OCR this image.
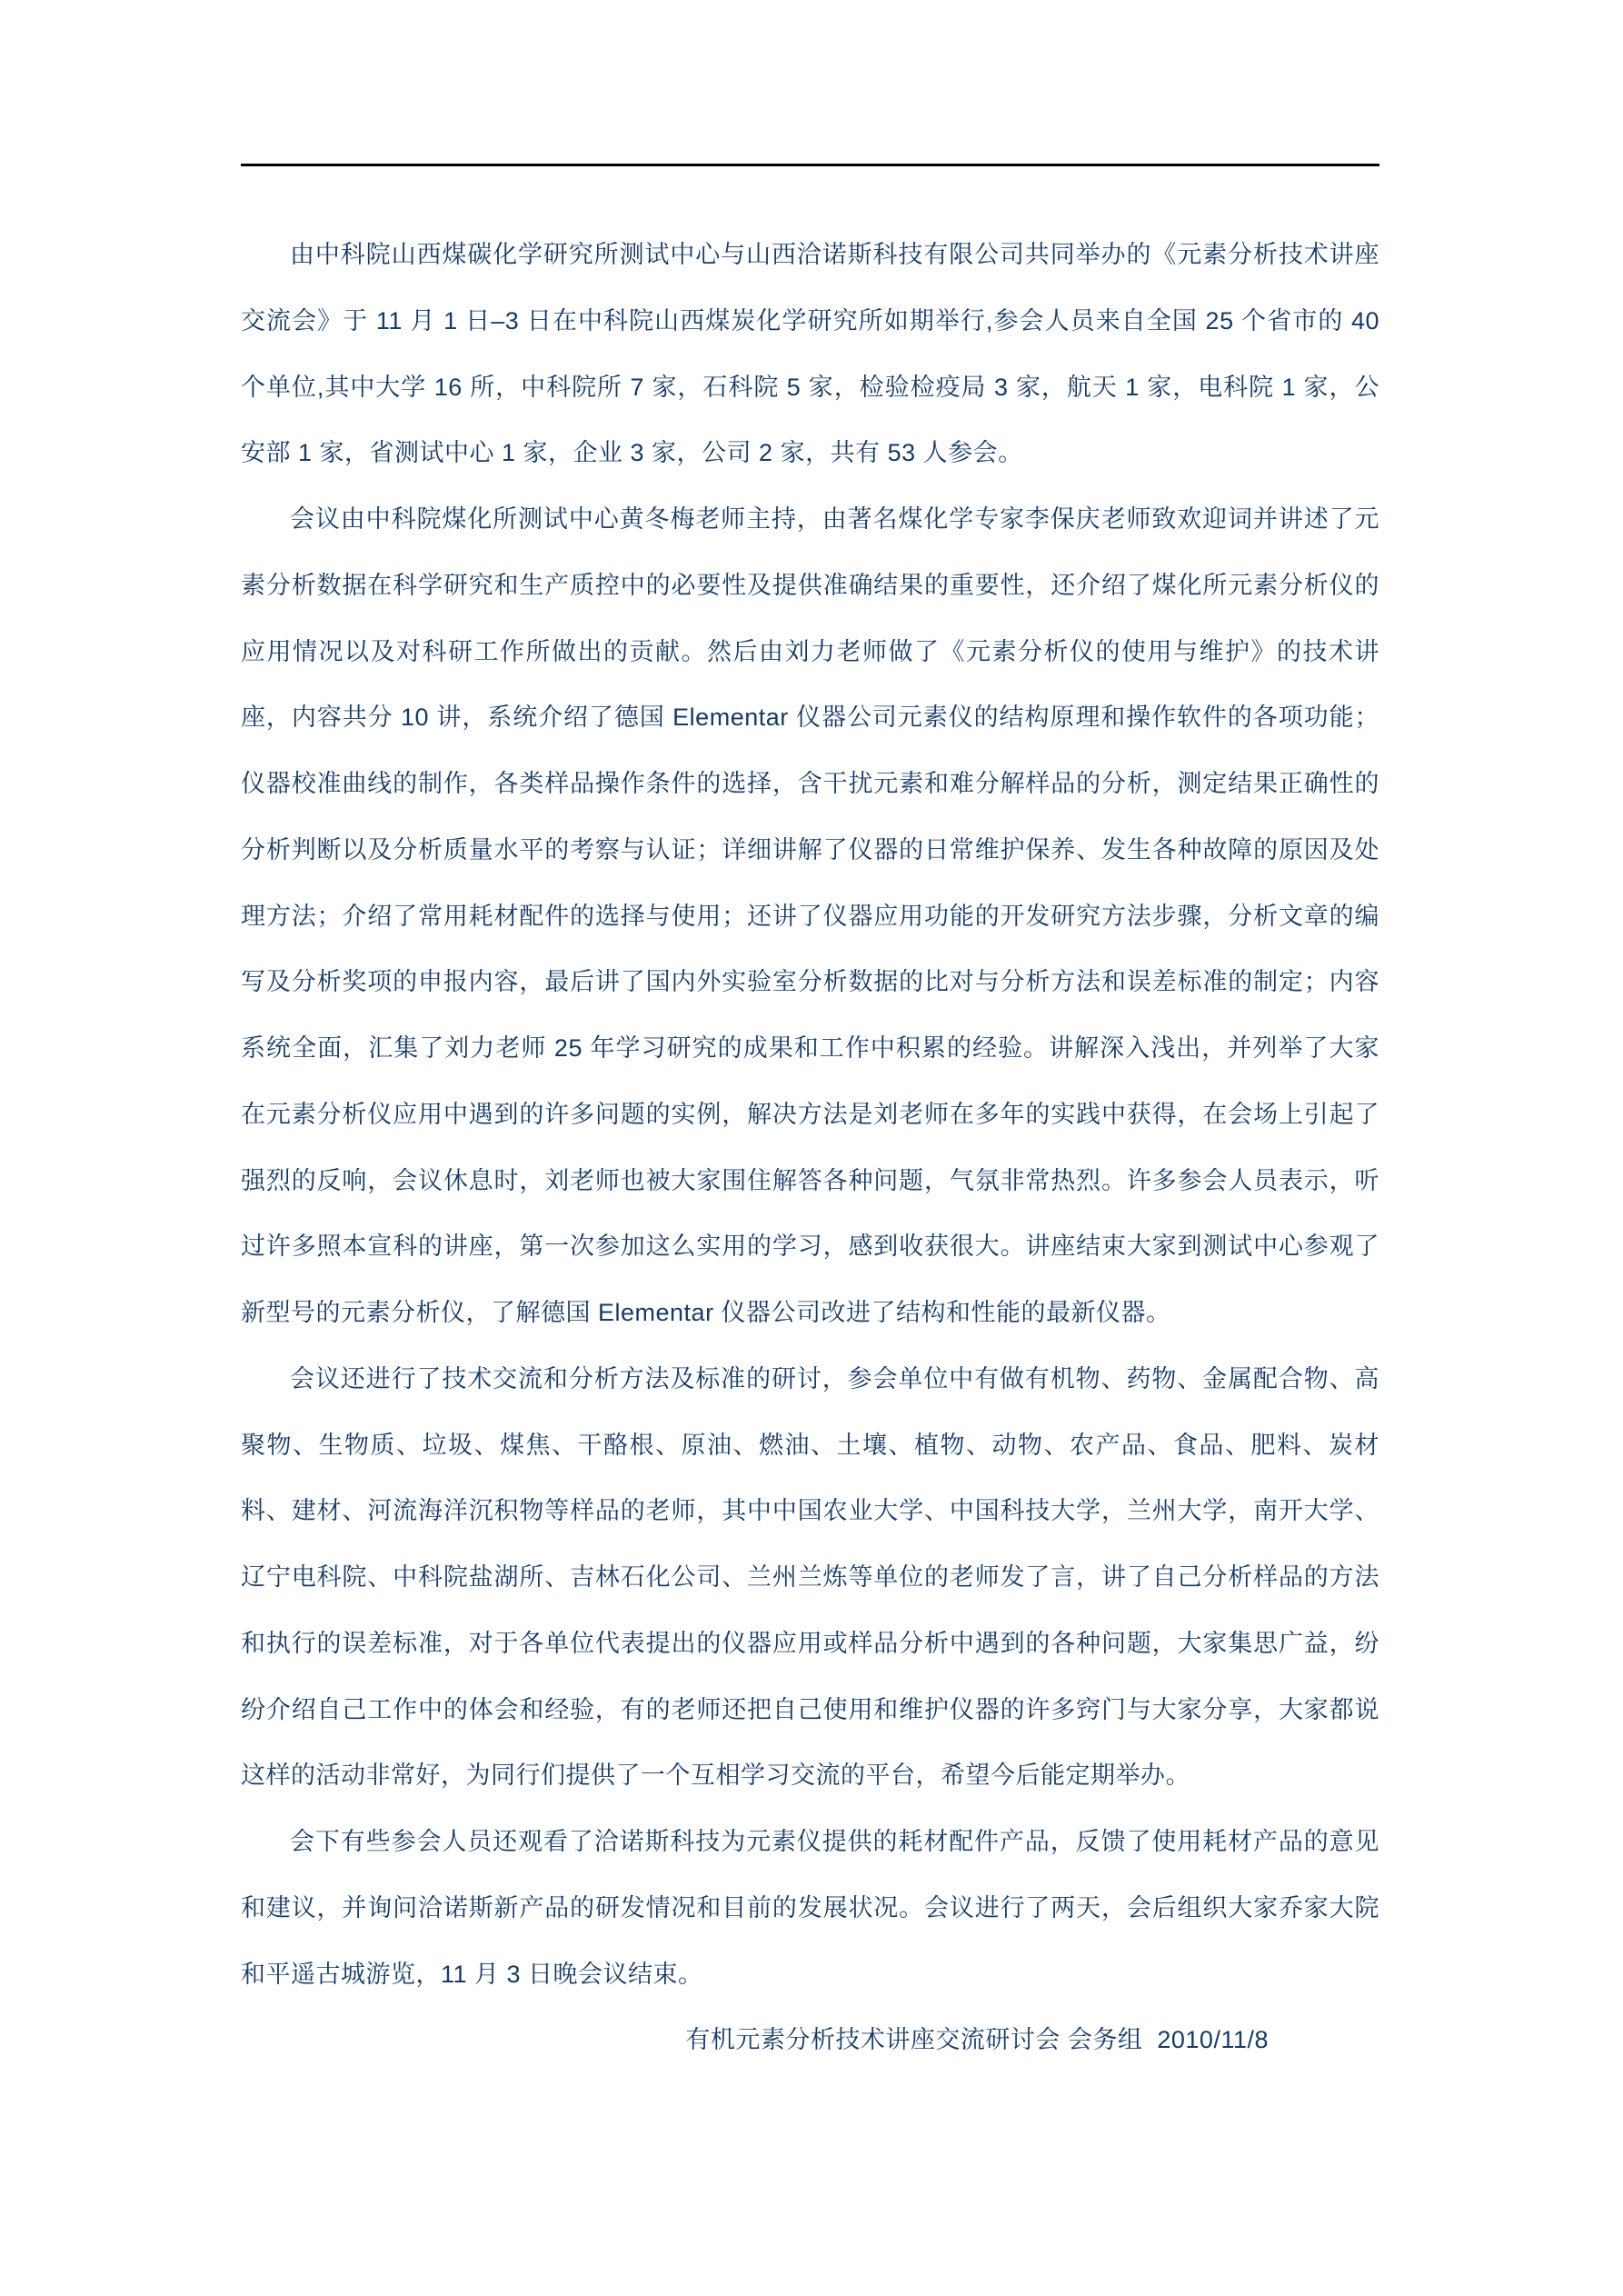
由中科院山西煤碳化学研究所测试中心与山西洽诺斯科技有限公司共同举办的《元素分析技术讲座交流会》于 11 月 1 日–3 日在中科院山西煤炭化学研究所如期举行,参会人员来自全国 25 个省市的 40 个单位,其中大学 16 所，中科院所 7 家，石科院 5 家，检验检疫局 3 家，航天 1 家，电科院 1 家，公安部 1 家，省测试中心 1 家，企业 3 家，公司 2 家，共有 53 人参会。

会议由中科院煤化所测试中心黄冬梅老师主持，由著名煤化学专家李保庆老师致欢迎词并讲述了元素分析数据在科学研究和生产质控中的必要性及提供准确结果的重要性，还介绍了煤化所元素分析仪的应用情况以及对科研工作所做出的贡献。然后由刘力老师做了《元素分析仪的使用与维护》的技术讲座，内容共分 10 讲，系统介绍了德国 Elementar 仪器公司元素仪的结构原理和操作软件的各项功能；仪器校准曲线的制作，各类样品操作条件的选择，含干扰元素和难分解样品的分析，测定结果正确性的分析判断以及分析质量水平的考察与认证；详细讲解了仪器的日常维护保养、发生各种故障的原因及处理方法；介绍了常用耗材配件的选择与使用；还讲了仪器应用功能的开发研究方法步骤，分析文章的编写及分析奖项的申报内容，最后讲了国内外实验室分析数据的比对与分析方法和误差标准的制定；内容系统全面，汇集了刘力老师 25 年学习研究的成果和工作中积累的经验。讲解深入浅出，并列举了大家在元素分析仪应用中遇到的许多问题的实例，解决方法是刘老师在多年的实践中获得，在会场上引起了强烈的反响，会议休息时，刘老师也被大家围住解答各种问题，气氛非常热烈。许多参会人员表示，听过许多照本宣科的讲座，第一次参加这么实用的学习，感到收获很大。讲座结束大家到测试中心参观了新型号的元素分析仪，了解德国 Elementar 仪器公司改进了结构和性能的最新仪器。

会议还进行了技术交流和分析方法及标准的研讨，参会单位中有做有机物、药物、金属配合物、高聚物、生物质、垃圾、煤焦、干酪根、原油、燃油、土壤、植物、动物、农产品、食品、肥料、炭材料、建材、河流海洋沉积物等样品的老师，其中中国农业大学、中国科技大学，兰州大学，南开大学、辽宁电科院、中科院盐湖所、吉林石化公司、兰州兰炼等单位的老师发了言，讲了自己分析样品的方法和执行的误差标准，对于各单位代表提出的仪器应用或样品分析中遇到的各种问题，大家集思广益，纷纷介绍自己工作中的体会和经验，有的老师还把自己使用和维护仪器的许多窍门与大家分享，大家都说这样的活动非常好，为同行们提供了一个互相学习交流的平台，希望今后能定期举办。

会下有些参会人员还观看了洽诺斯科技为元素仪提供的耗材配件产品，反馈了使用耗材产品的意见和建议，并询问洽诺斯新产品的研发情况和目前的发展状况。会议进行了两天，会后组织大家乔家大院和平遥古城游览，11 月 3 日晚会议结束。

有机元素分析技术讲座交流研讨会 会务组  2010/11/8
